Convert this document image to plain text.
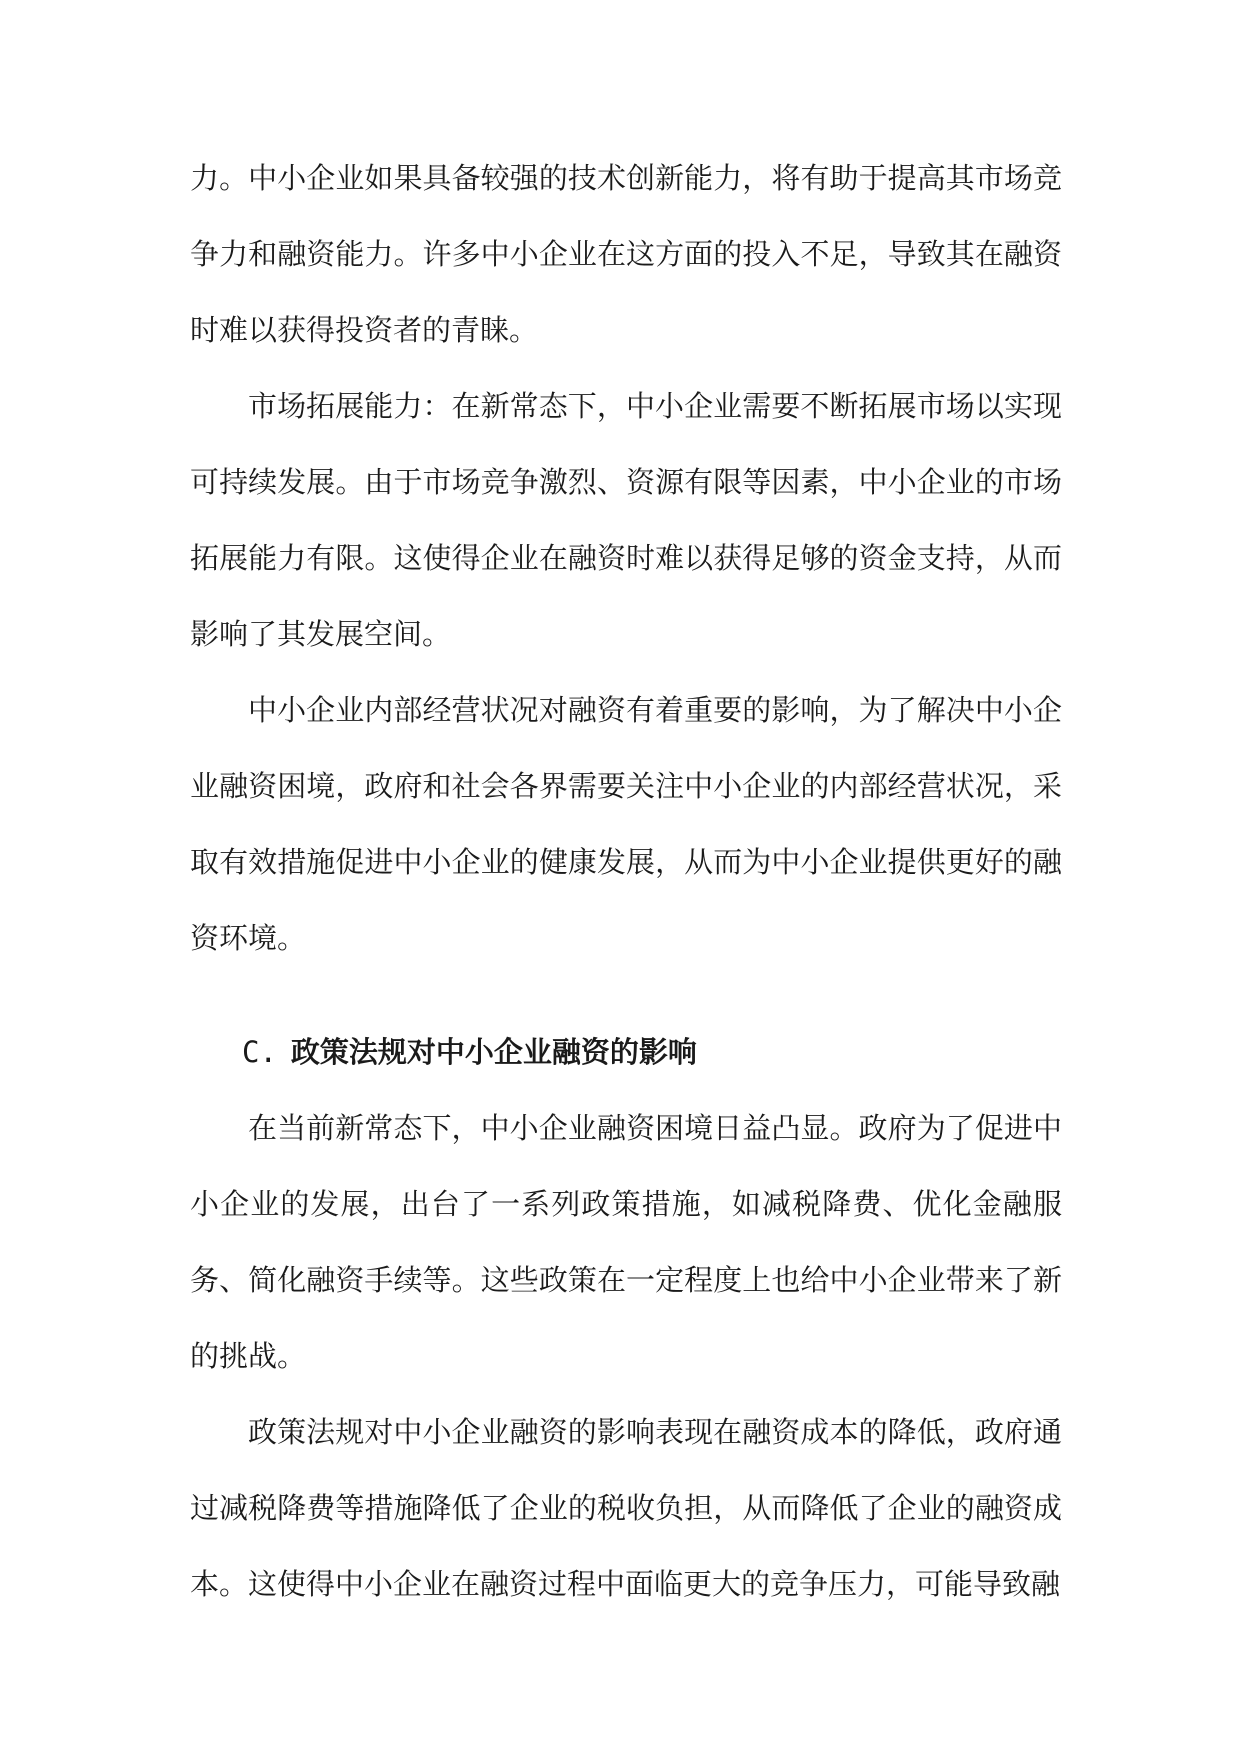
力。中小企业如果具备较强的技术创新能力，将有助于提高其市场竞争力和融资能力。许多中小企业在这方面的投入不足，导致其在融资时难以获得投资者的青睐。

市场拓展能力：在新常态下，中小企业需要不断拓展市场以实现可持续发展。由于市场竞争激烈、资源有限等因素，中小企业的市场拓展能力有限。这使得企业在融资时难以获得足够的资金支持，从而影响了其发展空间。

中小企业内部经营状况对融资有着重要的影响，为了解决中小企业融资困境，政府和社会各界需要关注中小企业的内部经营状况，采取有效措施促进中小企业的健康发展，从而为中小企业提供更好的融资环境。

C. 政策法规对中小企业融资的影响

在当前新常态下，中小企业融资困境日益凸显。政府为了促进中小企业的发展，出台了一系列政策措施，如减税降费、优化金融服务、简化融资手续等。这些政策在一定程度上也给中小企业带来了新的挑战。

政策法规对中小企业融资的影响表现在融资成本的降低，政府通过减税降费等措施降低了企业的税收负担，从而降低了企业的融资成本。这使得中小企业在融资过程中面临更大的竞争压力，可能导致融
